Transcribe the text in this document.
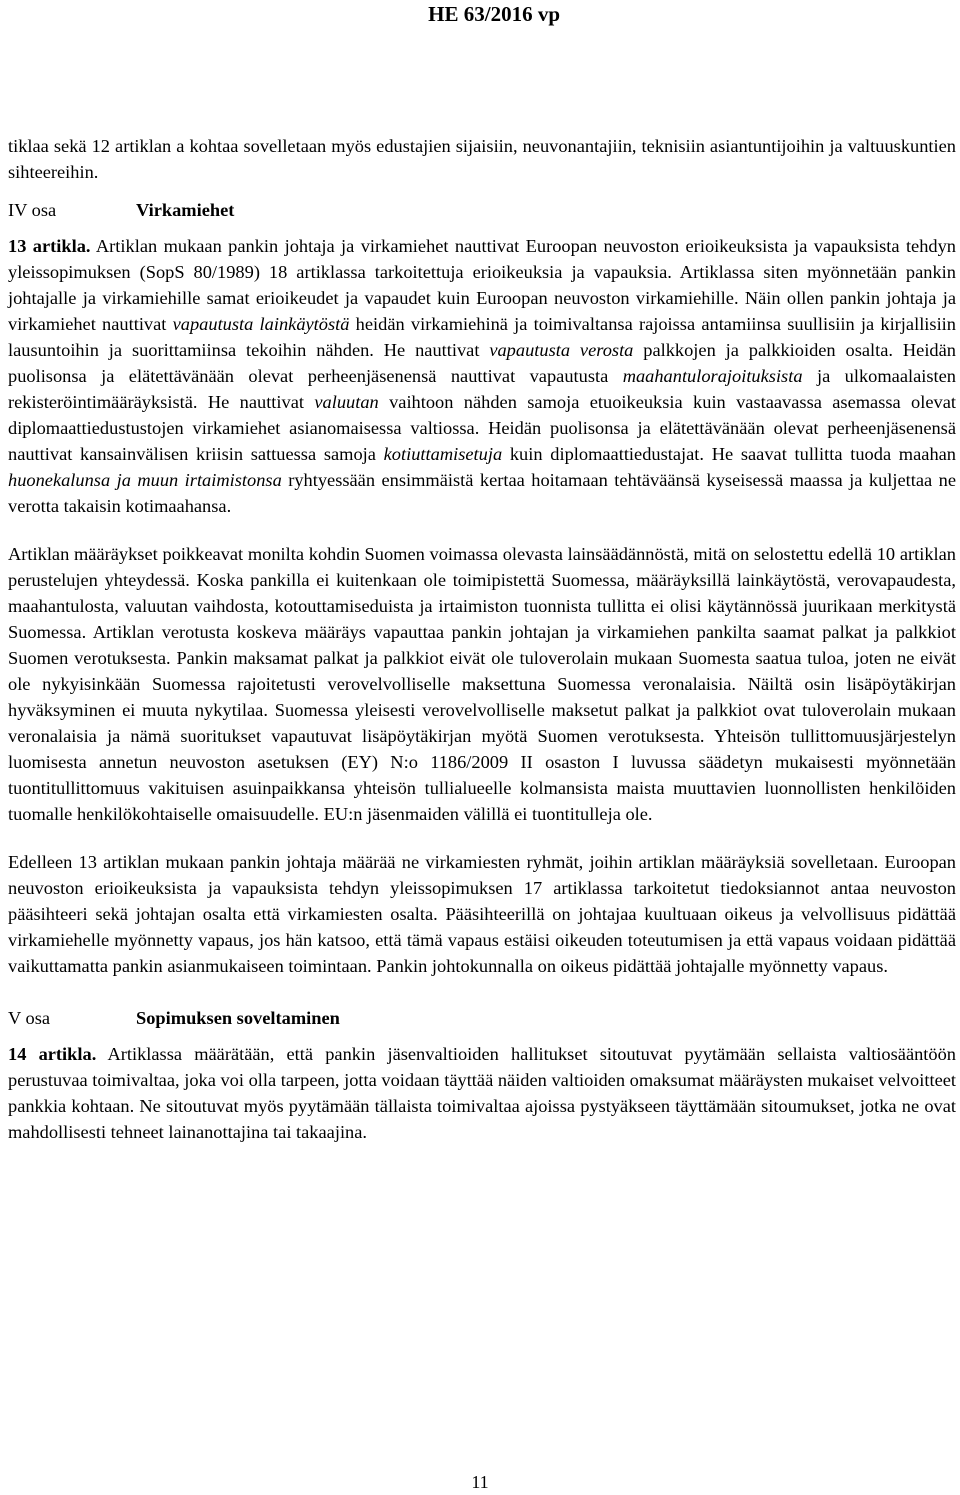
HE 63/2016 vp

tiklaa sekä 12 artiklan a kohtaa sovelletaan myös edustajien sijaisiin, neuvonantajiin, teknisiin asiantuntijoihin ja valtuuskuntien sihteereihin.

IV osa	Virkamiehet

13 artikla. Artiklan mukaan pankin johtaja ja virkamiehet nauttivat Euroopan neuvoston erioikeuksista ja vapauksista tehdyn yleissopimuksen (SopS 80/1989) 18 artiklassa tarkoitettuja erioikeuksia ja vapauksia. Artiklassa siten myönnetään pankin johtajalle ja virkamiehille samat erioikeudet ja vapaudet kuin Euroopan neuvoston virkamiehille. Näin ollen pankin johtaja ja virkamiehet nauttivat vapautusta lainkäytöstä heidän virkamiehinä ja toimivaltansa rajoissa antamiinsa suullisiin ja kirjallisiin lausuntoihin ja suorittamiinsa tekoihin nähden. He nauttivat vapautusta verosta palkkojen ja palkkioiden osalta. Heidän puolisonsa ja elätettävänään olevat perheenjäsenensä nauttivat vapautusta maahantulorajoituksista ja ulkomaalaisten rekisteröintimääräyksistä. He nauttivat valuutan vaihtoon nähden samoja etuoikeuksia kuin vastaavassa asemassa olevat diplomaattiedustustojen virkamiehet asianomaisessa valtiossa. Heidän puolisonsa ja elätettävänään olevat perheenjäsenensä nauttivat kansainvälisen kriisin sattuessa samoja kotiuttamisetuja kuin diplomaattiedustajat. He saavat tullitta tuoda maahan huonekalunsa ja muun irtaimistonsa ryhtyessään ensimmäistä kertaa hoitamaan tehtäväänsä kyseisessä maassa ja kuljettaa ne verotta takaisin kotimaahansa.

Artiklan määräykset poikkeavat monilta kohdin Suomen voimassa olevasta lainsäädännöstä, mitä on selostettu edellä 10 artiklan perustelujen yhteydessä. Koska pankilla ei kuitenkaan ole toimipistettä Suomessa, määräyksillä lainkäytöstä, verovapaudesta, maahantulosta, valuutan vaihdosta, kotouttamiseduista ja irtaimiston tuonnista tullitta ei olisi käytännössä juurikaan merkitystä Suomessa. Artiklan verotusta koskeva määräys vapauttaa pankin johtajan ja virkamiehen pankilta saamat palkat ja palkkiot Suomen verotuksesta. Pankin maksamat palkat ja palkkiot eivät ole tuloverolain mukaan Suomesta saatua tuloa, joten ne eivät ole nykyisinkään Suomessa rajoitetusti verovelvolliselle maksettuna Suomessa veronalaisia. Näiltä osin lisäpöytäkirjan hyväksyminen ei muuta nykytilaa. Suomessa yleisesti verovelvolliselle maksetut palkat ja palkkiot ovat tuloverolain mukaan veronalaisia ja nämä suoritukset vapautuvat lisäpöytäkirjan myötä Suomen verotuksesta. Yhteisön tullittomuusjärjestelyn luomisesta annetun neuvoston asetuksen (EY) N:o 1186/2009 II osaston I luvussa säädetyn mukaisesti myönnetään tuontitullittomuus vakituisen asuinpaikkansa yhteisön tullialueelle kolmansista maista muuttavien luonnollisten henkilöiden tuomalle henkilökohtaiselle omaisuudelle. EU:n jäsenmaiden välillä ei tuontitulleja ole.

Edelleen 13 artiklan mukaan pankin johtaja määrää ne virkamiesten ryhmät, joihin artiklan määräyksiä sovelletaan. Euroopan neuvoston erioikeuksista ja vapauksista tehdyn yleissopimuksen 17 artiklassa tarkoitetut tiedoksiannot antaa neuvoston pääsihteeri sekä johtajan osalta että virkamiesten osalta. Pääsihteerillä on johtajaa kuultuaan oikeus ja velvollisuus pidättää virkamiehelle myönnetty vapaus, jos hän katsoo, että tämä vapaus estäisi oikeuden toteutumisen ja että vapaus voidaan pidättää vaikuttamatta pankin asianmukaiseen toimintaan. Pankin johtokunnalla on oikeus pidättää johtajalle myönnetty vapaus.

V osa	Sopimuksen soveltaminen

14 artikla. Artiklassa määrätään, että pankin jäsenvaltioiden hallitukset sitoutuvat pyytämään sellaista valtiosääntöön perustuvaa toimivaltaa, joka voi olla tarpeen, jotta voidaan täyttää näiden valtioiden omaksumat määräysten mukaiset velvoitteet pankkia kohtaan. Ne sitoutuvat myös pyytämään tällaista toimivaltaa ajoissa pystyäkseen täyttämään sitoumukset, jotka ne ovat mahdollisesti tehneet lainanottajina tai takaajina.

11
